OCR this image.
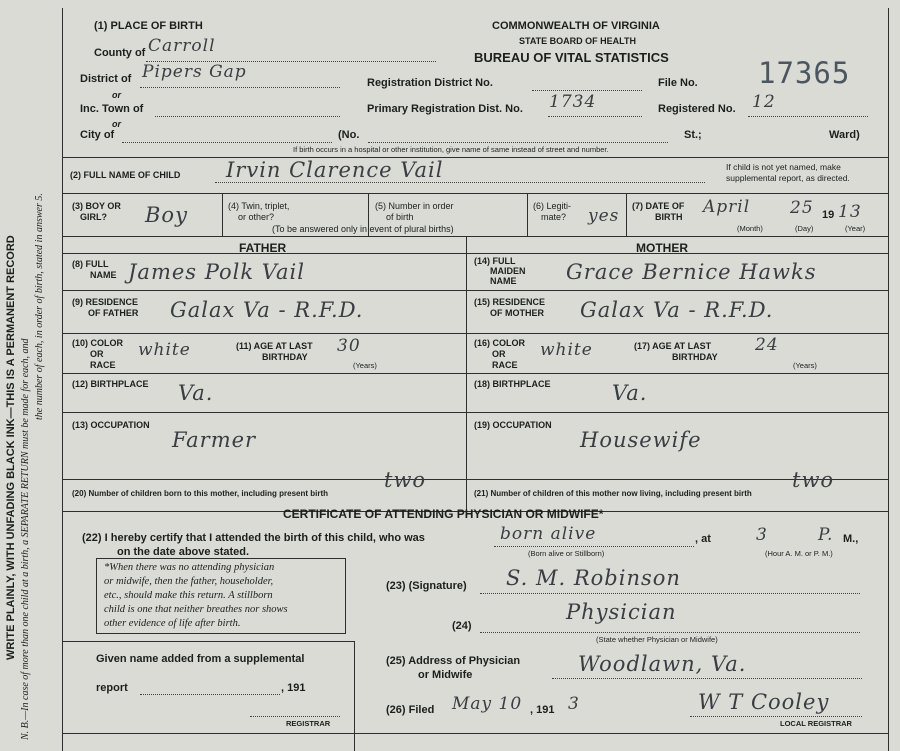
WRITE PLAINLY, WITH UNFADING BLACK INK—THIS IS A PERMANENT RECORD N. B.—In case of more than one child at a birth, a SEPARATE RETURN must be made for each, and
the number of each, in order of birth, stated in answer 5.
(1) PLACE OF BIRTH	COMMONWEALTH OF VIRGINIA
STATE BOARD OF HEALTH
BUREAU OF VITAL STATISTICS
County of Carroll
District of Pipers Gap
or
Inc. Town of
or
City of
Registration District No.	File No. 17365
Primary Registration Dist. No. 1734	Registered No. 12
(No.	St.;	Ward)
If birth occurs in a hospital or other institution, give name of same instead of street and number.
(2) FULL NAME OF CHILD Irvin Clarence Vail	If child is not yet named, make
supplemental report, as directed.
(3) BOY OR
GIRL? Boy	(4) Twin, triplet,
or other?
(5) Number in order
of birth
(To be answered only in event of plural births)
(6) Legiti-
mate? yes (7) DATE OF
BIRTH April 25 19 13
(Month)	(Day)	(Year)
FATHER	MOTHER
(8) FULL
NAME James Polk Vail
(9) RESIDENCE
OF FATHER Galax Va - R.F.D.
(10) COLOR
OR
RACE
white	(11) AGE AT LAST
BIRTHDAY
30
(Years)
(12) BIRTHPLACE Va.
(13) OCCUPATION
Farmer
(14) FULL
MAIDEN
NAME Grace Bernice Hawks
(15) RESIDENCE
OF MOTHER Galax Va - R.F.D.
(16) COLOR
OR
RACE
white	(17) AGE AT LAST
BIRTHDAY
24
(Years)
(18) BIRTHPLACE	Va.
(19) OCCUPATION
Housewife
(20) Number of children born to this mother, including present birth
two
(21) Number of children of this mother now living, including present birth
two
CERTIFICATE OF ATTENDING PHYSICIAN OR MIDWIFE*
(22) I hereby certify that I attended the birth of this child, who was
on the date above stated.
born alive
(Born alive or Stillborn)
, at	3	P. M.,
(Hour A. M. or P. M.)
*When there was no attending physician
or midwife, then the father, householder,
etc., should make this return. A stillborn
child is one that neither breathes nor shows
other evidence of life after birth.
(23) (Signature) S. M. Robinson
(24)
Physician
(State whether Physician or Midwife)
(25) Address of Physician
or Midwife	Woodlawn, Va.
(26) Filed May 10 , 191 3	W T Cooley
LOCAL REGISTRAR
Given name added from a supplemental
report	, 191
REGISTRAR
